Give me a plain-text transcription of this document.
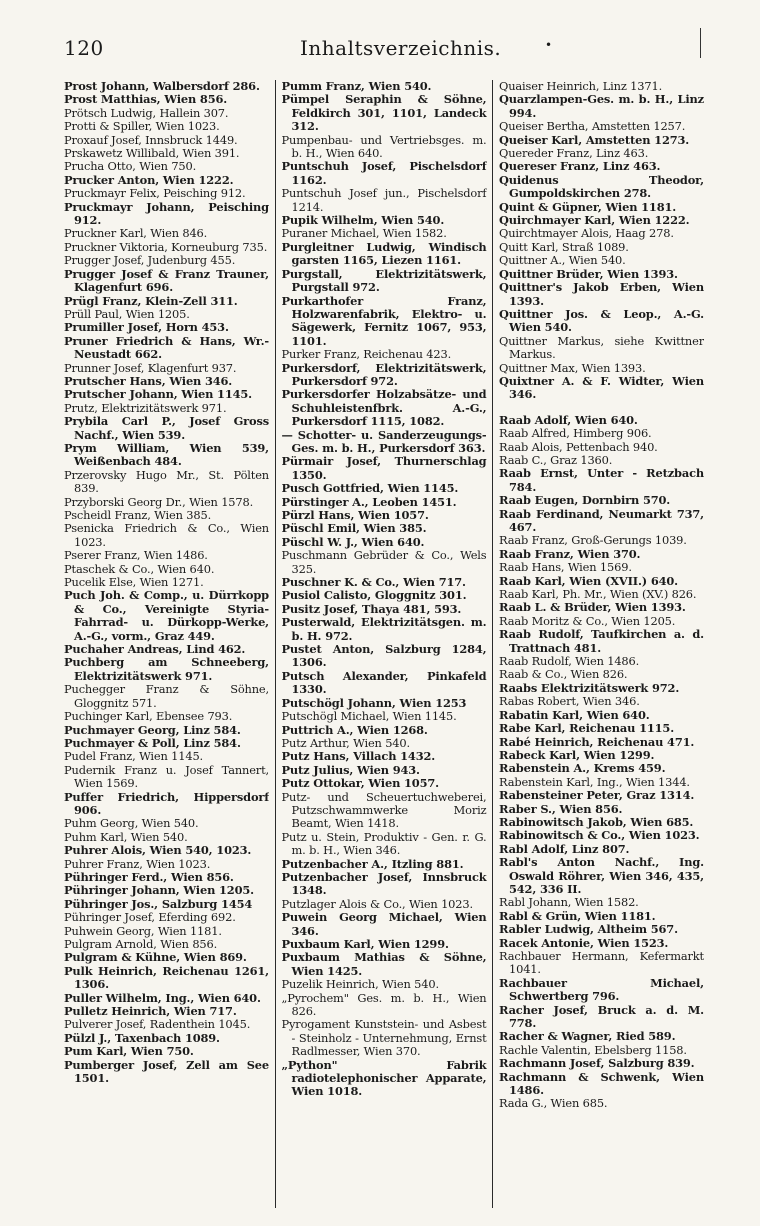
120	Inhaltsverzeichnis.	•
Prost Johann, Walbersdorf 286.
Prost Matthias, Wien 856.
Prötsch Ludwig, Hallein 307.
Protti & Spiller, Wien 1023.
Proxauf Josef, Innsbruck 1449.
Prskawetz Willibald, Wien 391.
Prucha Otto, Wien 750.
Prucker Anton, Wien 1222.
Pruckmayr Felix, Peisching 912.
Pruckmayr Johann, Peisching 912.
Pruckner Karl, Wien 846.
Pruckner Viktoria, Korneuburg 735.
Prugger Josef, Judenburg 455.
Prugger Josef & Franz Trauner, Klagenfurt 696.
Prügl Franz, Klein-Zell 311.
Prüll Paul, Wien 1205.
Prumiller Josef, Horn 453.
Pruner Friedrich & Hans, Wr.-Neustadt 662.
Prunner Josef, Klagenfurt 937.
Prutscher Hans, Wien 346.
Prutscher Johann, Wien 1145.
Prutz, Elektrizitätswerk 971.
Prybila Carl P., Josef Gross Nachf., Wien 539.
Prym William, Wien 539, Weißenbach 484.
Przerovsky Hugo Mr., St. Pölten 839.
Przyborski Georg Dr., Wien 1578.
Pscheidl Franz, Wien 385.
Psenicka Friedrich & Co., Wien 1023.
Pserer Franz, Wien 1486.
Ptaschek & Co., Wien 640.
Pucelik Else, Wien 1271.
Puch Joh. & Comp., u. Dürrkopp & Co., Vereinigte Styria-Fahrrad- u. Dürkopp-Werke, A.-G., vorm., Graz 449.
Puchaher Andreas, Lind 462.
Puchberg am Schneeberg, Elektrizitätswerk 971.
Puchegger Franz & Söhne, Gloggnitz 571.
Puchinger Karl, Ebensee 793.
Puchmayer Georg, Linz 584.
Puchmayer & Poll, Linz 584.
Pudel Franz, Wien 1145.
Pudernik Franz u. Josef Tannert, Wien 1569.
Puffer Friedrich, Hippersdorf 906.
Puhm Georg, Wien 540.
Puhm Karl, Wien 540.
Puhrer Alois, Wien 540, 1023.
Puhrer Franz, Wien 1023.
Pühringer Ferd., Wien 856.
Pühringer Johann, Wien 1205.
Pühringer Jos., Salzburg 1454
Pühringer Josef, Eferding 692.
Puhwein Georg, Wien 1181.
Pulgram Arnold, Wien 856.
Pulgram & Kühne, Wien 869.
Pulk Heinrich, Reichenau 1261, 1306.
Puller Wilhelm, Ing., Wien 640.
Pulletz Heinrich, Wien 717.
Pulverer Josef, Radenthein 1045.
Pülzl J., Taxenbach 1089.
Pum Karl, Wien 750.
Pumberger Josef, Zell am See 1501.
Pumm Franz, Wien 540.
Pümpel Seraphin & Söhne, Feldkirch 301, 1101, Landeck 312.
Pumpenbau- und Vertriebsges. m. b. H., Wien 640.
Puntschuh Josef, Pischelsdorf 1162.
Puntschuh Josef jun., Pischelsdorf 1214.
Pupik Wilhelm, Wien 540.
Puraner Michael, Wien 1582.
Purgleitner Ludwig, Windisch garsten 1165, Liezen 1161.
Purgstall, Elektrizitätswerk, Purgstall 972.
Purkarthofer Franz, Holzwarenfabrik, Elektro- u. Sägewerk, Fernitz 1067, 953, 1101.
Purker Franz, Reichenau 423.
Purkersdorf, Elektrizitätswerk, Purkersdorf 972.
Purkersdorfer Holzabsätze- und Schuhleistenfbrk. A.-G., Purkersdorf 1115, 1082.
— Schotter- u. Sanderzeugungs-Ges. m. b. H., Purkersdorf 363.
Pürmair Josef, Thurnerschlag 1350.
Pusch Gottfried, Wien 1145.
Pürstinger A., Leoben 1451.
Pürzl Hans, Wien 1057.
Püschl Emil, Wien 385.
Püschl W. J., Wien 640.
Puschmann Gebrüder & Co., Wels 325.
Puschner K. & Co., Wien 717.
Pusiol Calisto, Gloggnitz 301.
Pusitz Josef, Thaya 481, 593.
Pusterwald, Elektrizitätsgen. m. b. H. 972.
Pustet Anton, Salzburg 1284, 1306.
Putsch Alexander, Pinkafeld 1330.
Putschögl Johann, Wien 1253
Putschögl Michael, Wien 1145.
Puttrich A., Wien 1268.
Putz Arthur, Wien 540.
Putz Hans, Villach 1432.
Putz Julius, Wien 943.
Putz Ottokar, Wien 1057.
Putz- und Scheuertuchweberei, Putzschwammwerke Moriz Beamt, Wien 1418.
Putz u. Stein, Produktiv - Gen. r. G. m. b. H., Wien 346.
Putzenbacher A., Itzling 881.
Putzenbacher Josef, Innsbruck 1348.
Putzlager Alois & Co., Wien 1023.
Puwein Georg Michael, Wien 346.
Puxbaum Karl, Wien 1299.
Puxbaum Mathias & Söhne, Wien 1425.
Puzelik Heinrich, Wien 540.
„Pyrochem" Ges. m. b. H., Wien 826.
Pyrogament Kunststein- und Asbest - Steinholz - Unternehmung, Ernst Radlmesser, Wien 370.
„Python" Fabrik radiotelephonischer Apparate, Wien 1018.
Quaiser Heinrich, Linz 1371.
Quarzlampen-Ges. m. b. H., Linz 994.
Queiser Bertha, Amstetten 1257.
Queiser Karl, Amstetten 1273.
Quereder Franz, Linz 463.
Quereser Franz, Linz 463.
Quidenus Theodor, Gumpoldskirchen 278.
Quint & Güpner, Wien 1181.
Quirchmayer Karl, Wien 1222.
Quirchtmayer Alois, Haag 278.
Quitt Karl, Straß 1089.
Quittner A., Wien 540.
Quittner Brüder, Wien 1393.
Quittner's Jakob Erben, Wien 1393.
Quittner Jos. & Leop., A.-G. Wien 540.
Quittner Markus, siehe Kwittner Markus.
Quittner Max, Wien 1393.
Quixtner A. & F. Widter, Wien 346.
Raab Adolf, Wien 640.
Raab Alfred, Himberg 906.
Raab Alois, Pettenbach 940.
Raab C., Graz 1360.
Raab Ernst, Unter - Retzbach 784.
Raab Eugen, Dornbirn 570.
Raab Ferdinand, Neumarkt 737, 467.
Raab Franz, Groß-Gerungs 1039.
Raab Franz, Wien 370.
Raab Hans, Wien 1569.
Raab Karl, Wien (XVII.) 640.
Raab Karl, Ph. Mr., Wien (XV.) 826.
Raab L. & Brüder, Wien 1393.
Raab Moritz & Co., Wien 1205.
Raab Rudolf, Taufkirchen a. d. Trattnach 481.
Raab Rudolf, Wien 1486.
Raab & Co., Wien 826.
Raabs Elektrizitätswerk 972.
Rabas Robert, Wien 346.
Rabatin Karl, Wien 640.
Rabe Karl, Reichenau 1115.
Rabé Heinrich, Reichenau 471.
Rabeck Karl, Wien 1299.
Rabenstein A., Krems 459.
Rabenstein Karl, Ing., Wien 1344.
Rabensteiner Peter, Graz 1314.
Raber S., Wien 856.
Rabinowitsch Jakob, Wien 685.
Rabinowitsch & Co., Wien 1023.
Rabl Adolf, Linz 807.
Rabl's Anton Nachf., Ing. Oswald Röhrer, Wien 346, 435, 542, 336 II.
Rabl Johann, Wien 1582.
Rabl & Grün, Wien 1181.
Rabler Ludwig, Altheim 567.
Racek Antonie, Wien 1523.
Rachbauer Hermann, Kefermarkt 1041.
Rachbauer Michael, Schwertberg 796.
Racher Josef, Bruck a. d. M. 778.
Racher & Wagner, Ried 589.
Rachle Valentin, Ebelsberg 1158.
Rachmann Josef, Salzburg 839.
Rachmann & Schwenk, Wien 1486.
Rada G., Wien 685.
